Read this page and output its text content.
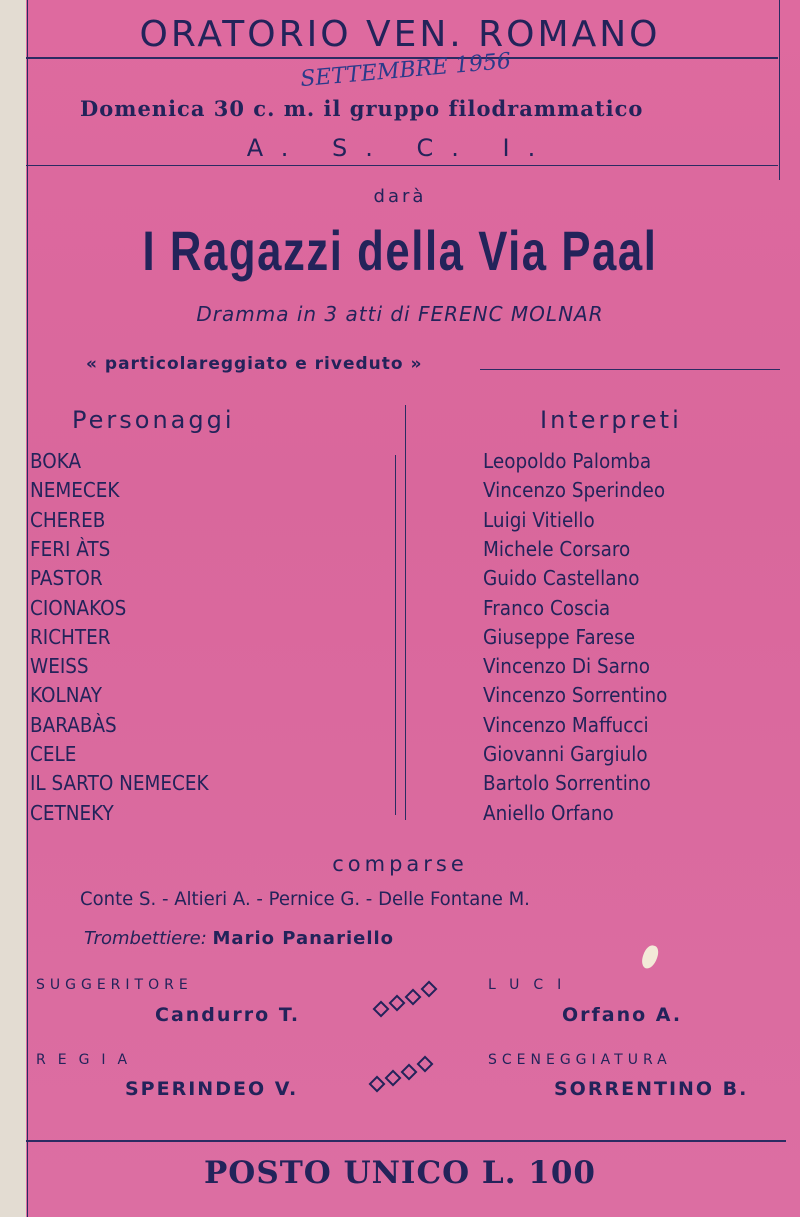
ORATORIO VEN. ROMANO
SETTEMBRE 1956
Domenica 30 c. m. il gruppo filodrammatico
A. S. C. I.
darà
I Ragazzi della Via Paal
Dramma in 3 atti di FERENC MOLNAR
« particolareggiato e riveduto »
Personaggi	Interpreti
BOKA	Leopoldo Palomba
NEMECEK	Vincenzo Sperindeo
CHEREB	Luigi Vitiello
FERI ÀTS	Michele Corsaro
PASTOR	Guido Castellano
CIONAKOS	Franco Coscia
RICHTER	Giuseppe Farese
WEISS	Vincenzo Di Sarno
KOLNAY	Vincenzo Sorrentino
BARABÀS	Vincenzo Maffucci
CELE	Giovanni Gargiulo
IL SARTO NEMECEK	Bartolo Sorrentino
CETNEKY	Aniello Orfano
comparse
Conte S. - Altieri A. - Pernice G. - Delle Fontane M.
Trombettiere: Mario Panariello
SUGGERITORE
Candurro T.
LUCI
Orfano A.
REGIA
SPERINDEO V.
SCENEGGIATURA
SORRENTINO B.
POSTO UNICO L. 100
